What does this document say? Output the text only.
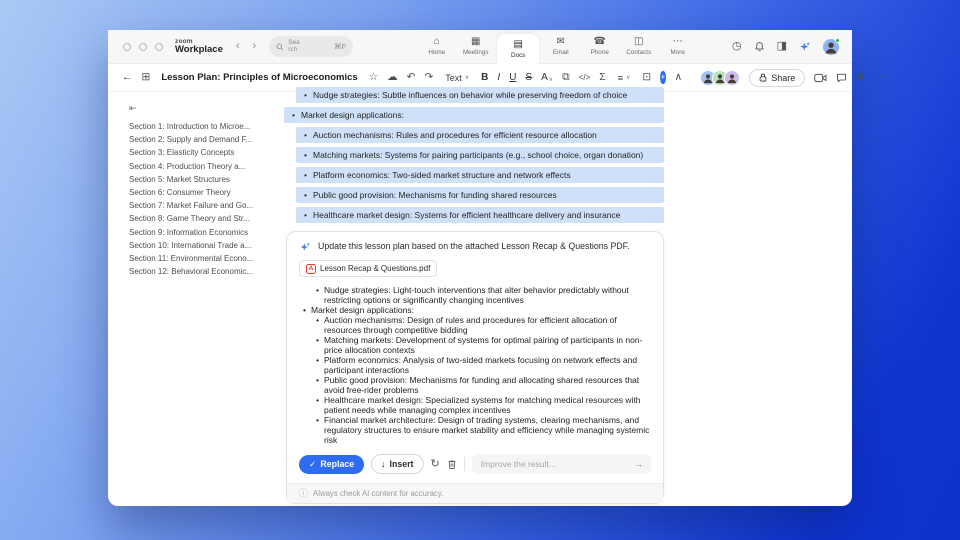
zoom
Workplace ‹ ›	Sea
rch	⌘F	⌂
Home
▦
Meetings
▤
Docs
✉
Email
☎
Phone
◫
Contacts
⋯
More
◷	◨
← ⊞ Lesson Plan: Principles of Microeconomics ☆ ☁ ↶ ↷ Text ∨ B I U S A ∨ ⧉ </> Σ ≡ ∨ ⊡ + ∧	Share	⊕ ⋯
⇤
Section 1: Introduction to Microe...
Section 2: Supply and Demand F...
Section 3: Elasticity Concepts
Section 4: Production Theory a...
Section 5: Market Structures
Section 6: Consumer Theory
Section 7: Market Failure and Go...
Section 8: Game Theory and Str...
Section 9: Information Economics
Section 10: International Trade a...
Section 11: Environmental Econo...
Section 12: Behavioral Economic...
• Nudge strategies: Subtle influences on behavior while preserving freedom of choice
• Market design applications:
• Auction mechanisms: Rules and procedures for efficient resource allocation
• Matching markets: Systems for pairing participants (e.g., school choice, organ donation)
• Platform economics: Two-sided market structure and network effects
• Public good provision: Mechanisms for funding shared resources
• Healthcare market design: Systems for efficient healthcare delivery and insurance
Update this lesson plan based on the attached Lesson Recap & Questions PDF.
A Lesson Recap & Questions.pdf
• Nudge strategies: Light-touch interventions that alter behavior predictably without restricting options or significantly changing incentives
• Market design applications:
• Auction mechanisms: Design of rules and procedures for efficient allocation of resources through competitive bidding
• Matching markets: Development of systems for optimal pairing of participants in non-price allocation contexts
• Platform economics: Analysis of two-sided markets focusing on network effects and participant interactions
• Public good provision: Mechanisms for funding and allocating shared resources that avoid free-rider problems
• Healthcare market design: Specialized systems for matching medical resources with patient needs while managing complex incentives
• Financial market architecture: Design of trading systems, clearing mechanisms, and regulatory structures to ensure market stability and efficiency while managing systemic risk
✓ Replace	↓ Insert ↻
Improve the result...	→
ⓘ Always check AI content for accuracy.
